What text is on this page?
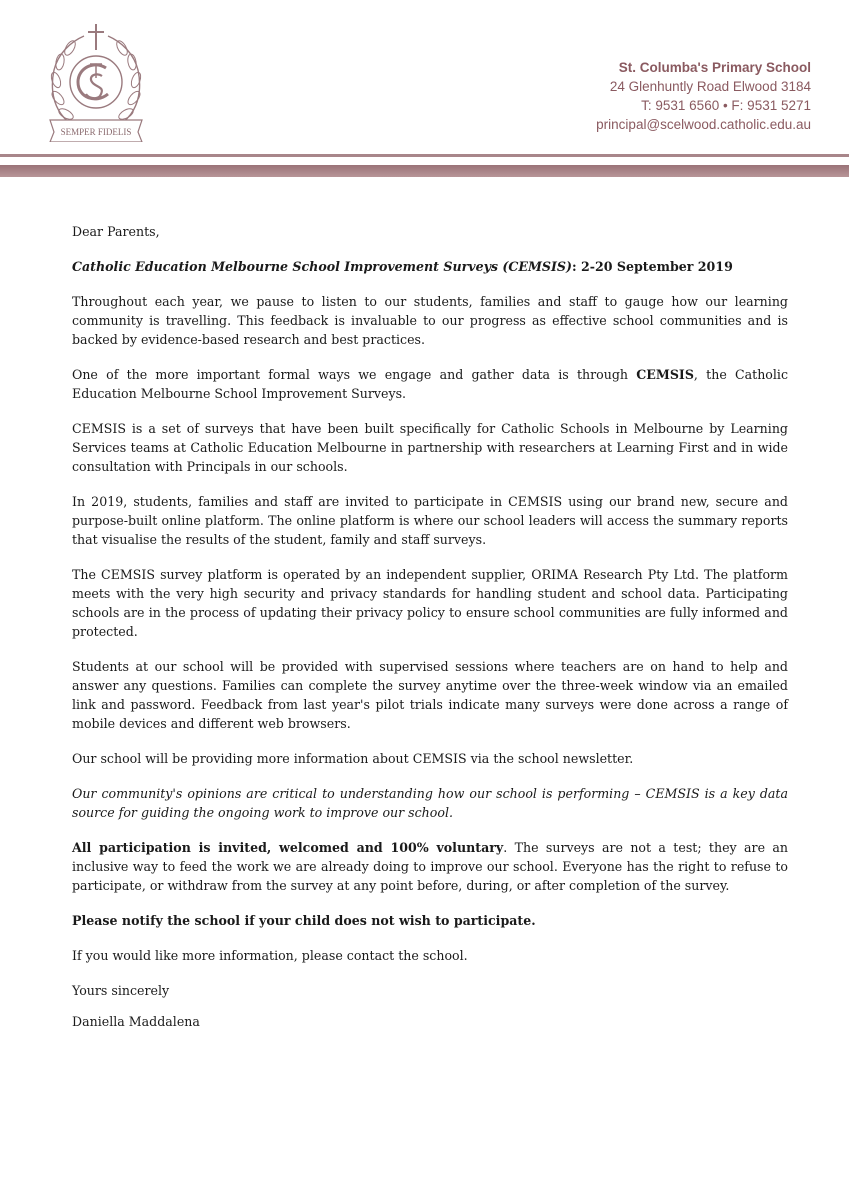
SEMPER FIDELIS
St. Columba's Primary School
24 Glenhuntly Road Elwood 3184
T: 9531 6560 • F: 9531 5271
principal@scelwood.catholic.edu.au

Dear Parents,

Catholic Education Melbourne School Improvement Surveys (CEMSIS): 2-20 September 2019

Throughout each year, we pause to listen to our students, families and staff to gauge how our learning community is travelling. This feedback is invaluable to our progress as effective school communities and is backed by evidence-based research and best practices.

One of the more important formal ways we engage and gather data is through CEMSIS, the Catholic Education Melbourne School Improvement Surveys.

CEMSIS is a set of surveys that have been built specifically for Catholic Schools in Melbourne by Learning Services teams at Catholic Education Melbourne in partnership with researchers at Learning First and in wide consultation with Principals in our schools.

In 2019, students, families and staff are invited to participate in CEMSIS using our brand new, secure and purpose-built online platform. The online platform is where our school leaders will access the summary reports that visualise the results of the student, family and staff surveys.

The CEMSIS survey platform is operated by an independent supplier, ORIMA Research Pty Ltd. The platform meets with the very high security and privacy standards for handling student and school data. Participating schools are in the process of updating their privacy policy to ensure school communities are fully informed and protected.

Students at our school will be provided with supervised sessions where teachers are on hand to help and answer any questions. Families can complete the survey anytime over the three-week window via an emailed link and password. Feedback from last year's pilot trials indicate many surveys were done across a range of mobile devices and different web browsers.

Our school will be providing more information about CEMSIS via the school newsletter.

Our community's opinions are critical to understanding how our school is performing – CEMSIS is a key data source for guiding the ongoing work to improve our school.

All participation is invited, welcomed and 100% voluntary. The surveys are not a test; they are an inclusive way to feed the work we are already doing to improve our school. Everyone has the right to refuse to participate, or withdraw from the survey at any point before, during, or after completion of the survey.

Please notify the school if your child does not wish to participate.

If you would like more information, please contact the school.

Yours sincerely

Daniella Maddalena
